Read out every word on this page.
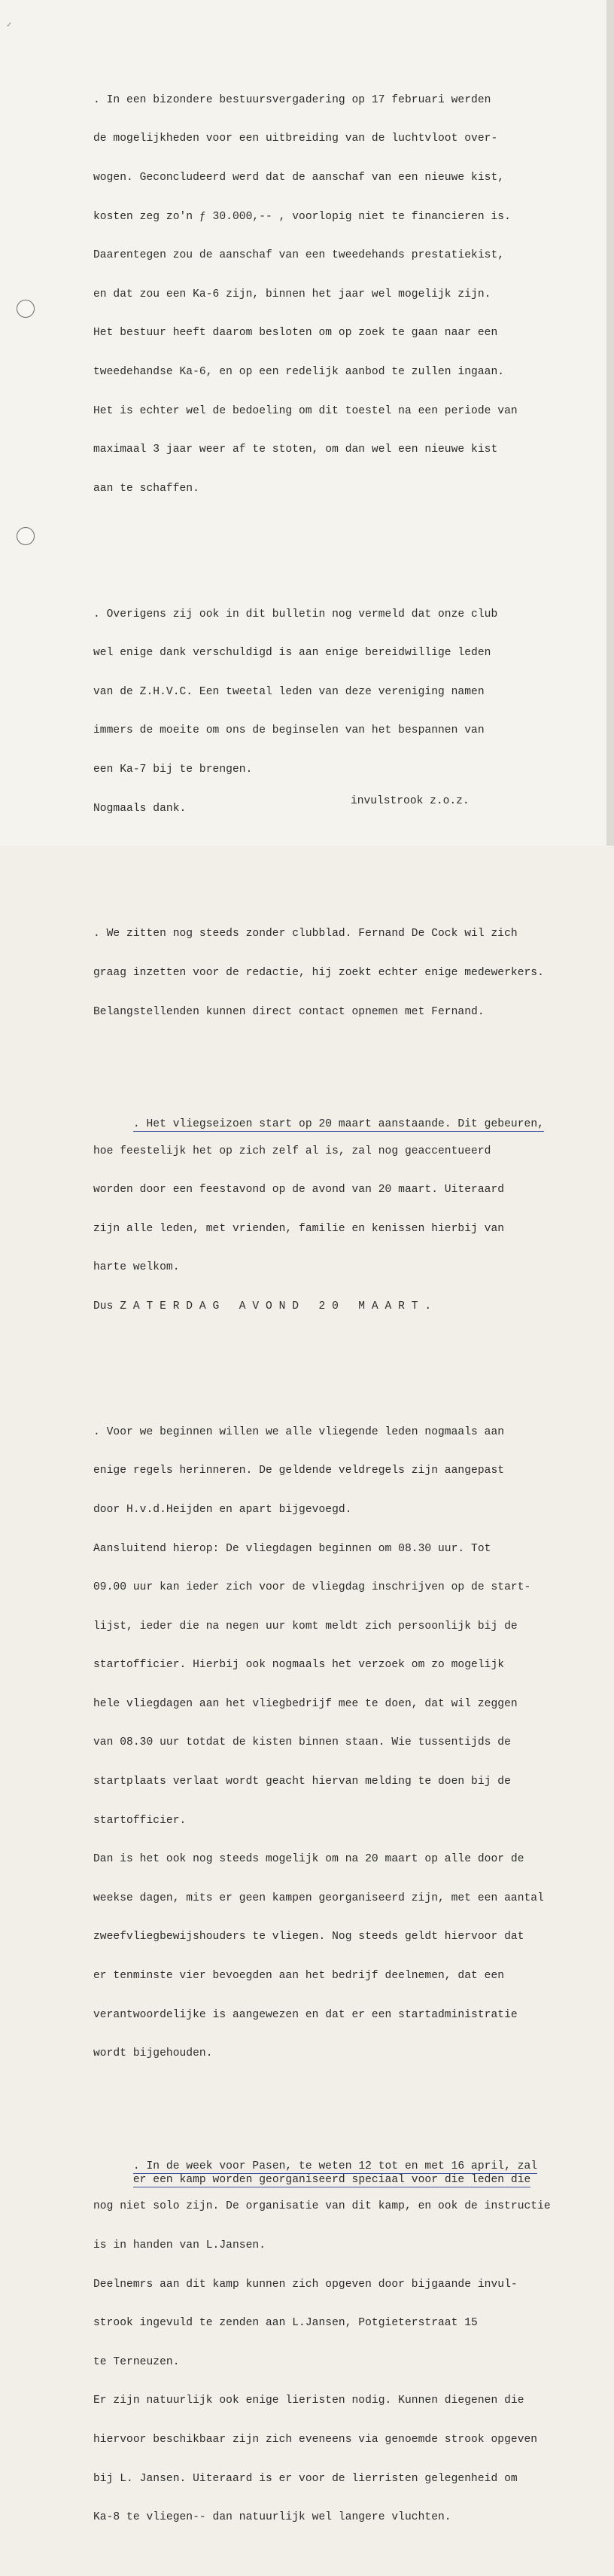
✓

. In een bizondere bestuursvergadering op 17 februari werden

de mogelijkheden voor een uitbreiding van de luchtvloot over-

wogen. Geconcludeerd werd dat de aanschaf van een nieuwe kist,

kosten zeg zo'n ƒ 30.000,-- , voorlopig niet te financieren is.

Daarentegen zou de aanschaf van een tweedehands prestatiekist,

en dat zou een Ka-6 zijn, binnen het jaar wel mogelijk zijn.

Het bestuur heeft daarom besloten om op zoek te gaan naar een

tweedehandse Ka-6, en op een redelijk aanbod te zullen ingaan.

Het is echter wel de bedoeling om dit toestel na een periode van

maximaal 3 jaar weer af te stoten, om dan wel een nieuwe kist

aan te schaffen.

. Overigens zij ook in dit bulletin nog vermeld dat onze club

wel enige dank verschuldigd is aan enige bereidwillige leden

van de Z.H.V.C. Een tweetal leden van deze vereniging namen

immers de moeite om ons de beginselen van het bespannen van

een Ka-7 bij te brengen.

Nogmaals dank.

. We zitten nog steeds zonder clubblad. Fernand De Cock wil zich

graag inzetten voor de redactie, hij zoekt echter enige medewerkers.

Belangstellenden kunnen direct contact opnemen met Fernand.

. Het vliegseizoen start op 20 maart aanstaande. Dit gebeuren,

hoe feestelijk het op zich zelf al is, zal nog geaccentueerd

worden door een feestavond op de avond van 20 maart. Uiteraard

zijn alle leden, met vrienden, familie en kenissen hierbij van

harte welkom.

Dus Z A T E R D A G   A V O N D   2 0   M A A R T .

. Voor we beginnen willen we alle vliegende leden nogmaals aan

enige regels herinneren. De geldende veldregels zijn aangepast

door H.v.d.Heijden en apart bijgevoegd.

Aansluitend hierop: De vliegdagen beginnen om 08.30 uur. Tot

09.00 uur kan ieder zich voor de vliegdag inschrijven op de start-

lijst, ieder die na negen uur komt meldt zich persoonlijk bij de

startofficier. Hierbij ook nogmaals het verzoek om zo mogelijk

hele vliegdagen aan het vliegbedrijf mee te doen, dat wil zeggen

van 08.30 uur totdat de kisten binnen staan. Wie tussentijds de

startplaats verlaat wordt geacht hiervan melding te doen bij de

startofficier.

Dan is het ook nog steeds mogelijk om na 20 maart op alle door de

weekse dagen, mits er geen kampen georganiseerd zijn, met een aantal

zweefvliegbewijshouders te vliegen. Nog steeds geldt hiervoor dat

er tenminste vier bevoegden aan het bedrijf deelnemen, dat een

verantwoordelijke is aangewezen en dat er een startadministratie

wordt bijgehouden.

. In de week voor Pasen, te weten 12 tot en met 16 april, zal
er een kamp worden georganiseerd speciaal voor die leden die

nog niet solo zijn. De organisatie van dit kamp, en ook de instructie

is in handen van L.Jansen.

Deelnemrs aan dit kamp kunnen zich opgeven door bijgaande invul-

strook ingevuld te zenden aan L.Jansen, Potgieterstraat 15

te Terneuzen.

Er zijn natuurlijk ook enige lieristen nodig. Kunnen diegenen die

hiervoor beschikbaar zijn zich eveneens via genoemde strook opgeven

bij L. Jansen. Uiteraard is er voor de lierristen gelegenheid om

Ka-8 te vliegen-- dan natuurlijk wel langere vluchten.

invulstrook z.o.z.
